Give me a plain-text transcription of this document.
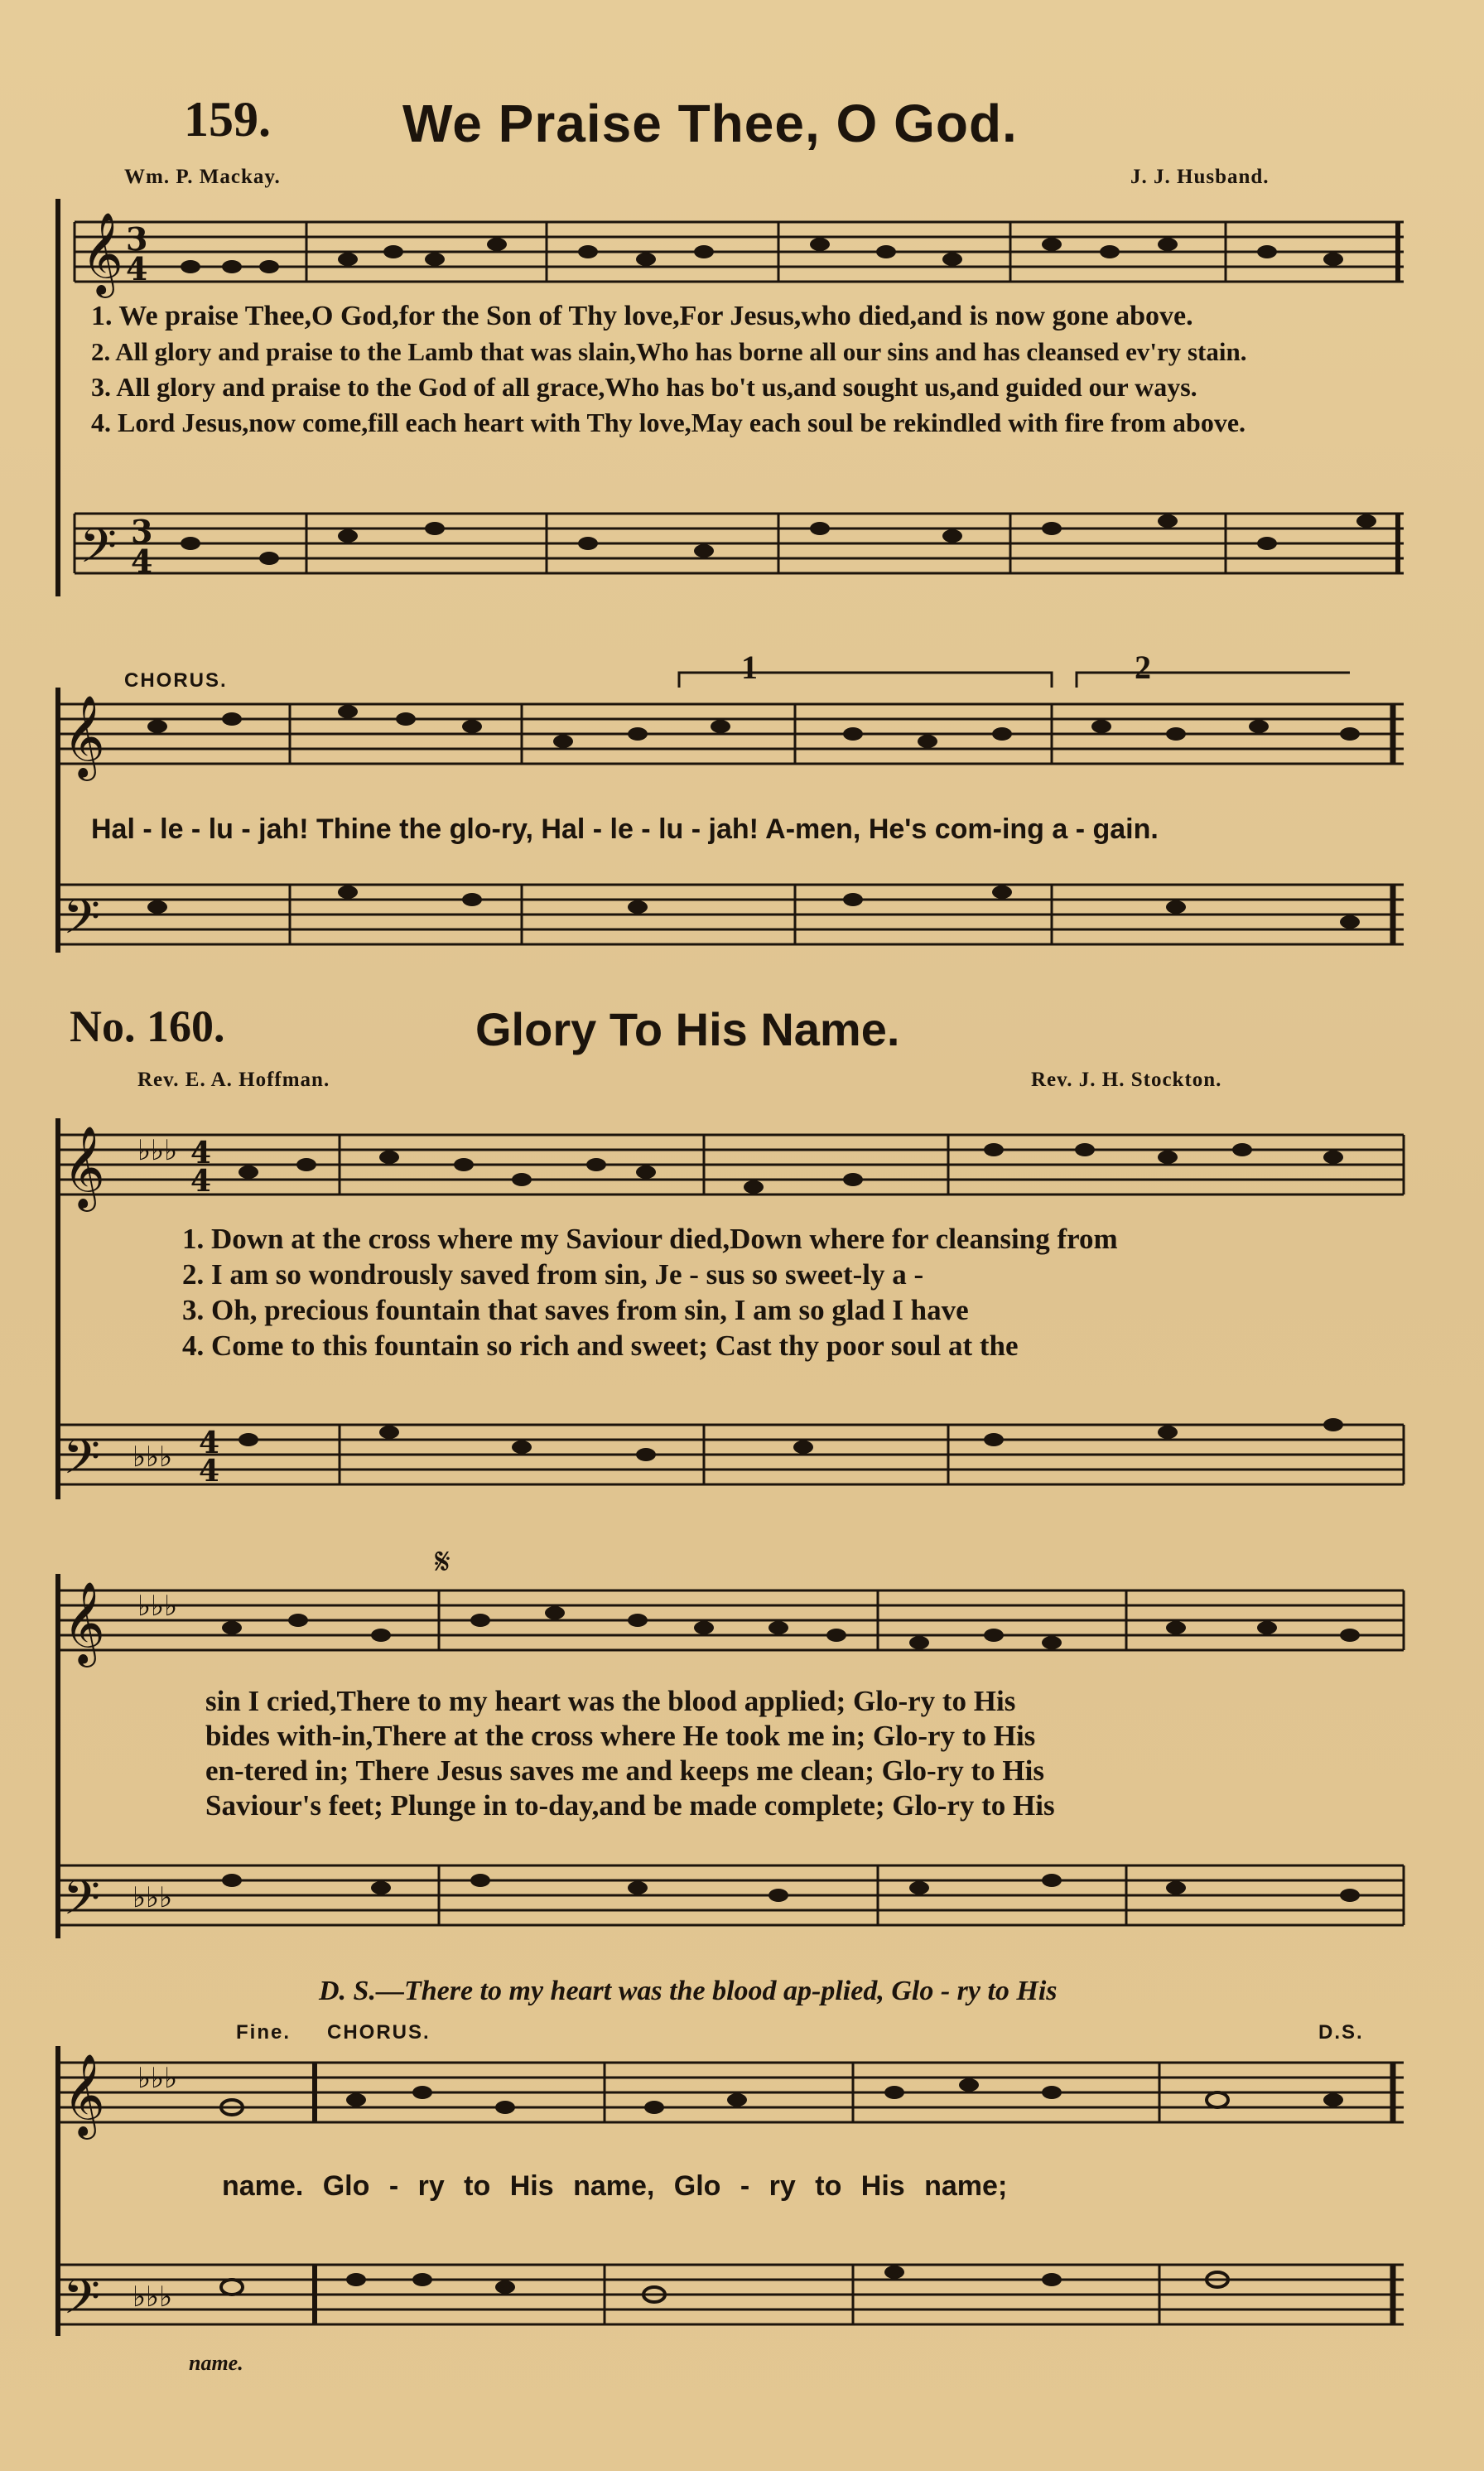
159. We Praise Thee, O God.
Wm. P. Mackay.	J. J. Husband.
𝄞 3
4
𝄢 3
4
1. We praise Thee,O God,for the Son of Thy love,For Jesus,who died,and is now gone above.
2. All glory and praise to the Lamb that was slain,Who has borne all our sins and has cleansed ev'ry stain.
3. All glory and praise to the God of all grace,Who has bo't us,and sought us,and guided our ways.
4. Lord Jesus,now come,fill each heart with Thy love,May each soul be rekindled with fire from above.
CHORUS.	1	2
𝄞
𝄢
Hal - le - lu - jah! Thine the glo-ry, Hal - le - lu - jah! A-men, He's com-ing a - gain.
No. 160.	Glory To His Name.
Rev. E. A. Hoffman.	Rev. J. H. Stockton.
𝄞 ♭♭♭ 4
4
𝄢 ♭♭♭ 4
4
1. Down at the cross where my Saviour died,Down where for cleansing from
2. I am so wondrously saved from sin, Je - sus so sweet-ly a -
3. Oh, precious fountain that saves from sin, I am so glad I have
4. Come to this fountain so rich and sweet; Cast thy poor soul at the
𝄞 ♭♭♭
𝄢 ♭♭♭
𝄋
sin I cried,There to my heart was the blood applied; Glo-ry to His
bides with-in,There at the cross where He took me in; Glo-ry to His
en-tered in; There Jesus saves me and keeps me clean; Glo-ry to His
Saviour's feet; Plunge in to-day,and be made complete; Glo-ry to His
D. S.—There to my heart was the blood ap-plied, Glo - ry to His
Fine. CHORUS.	D.S.
𝄞 ♭♭♭
𝄢 ♭♭♭
name. Glo - ry to His name, Glo - ry to His name;
name.
